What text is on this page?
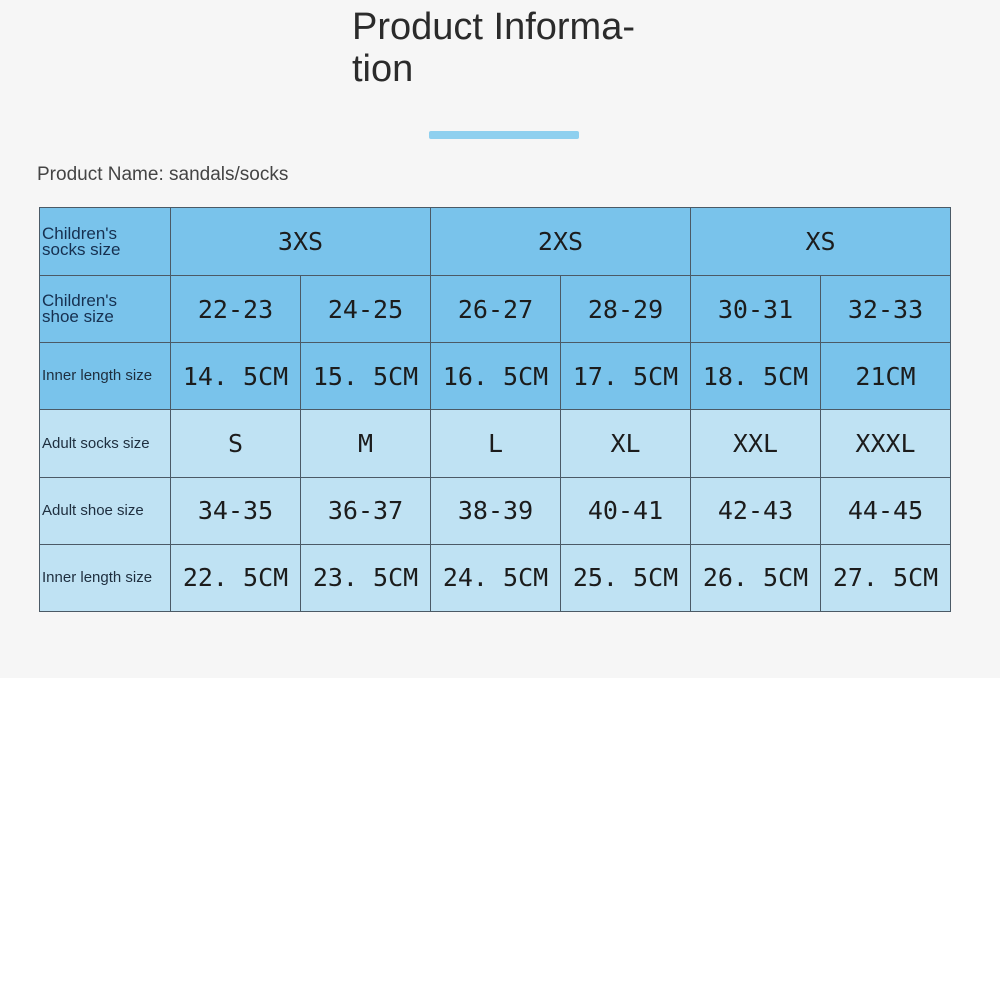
Product Informa-
tion
Product Name: sandals/socks
Children's
socks size	3XS		2XS		XS	

Children's
shoe size	22-23	24-25	26-27	28-29	30-31	32-33
Inner length size	14. 5CM	15. 5CM	16. 5CM	17. 5CM	18. 5CM	21CM
Adult socks size	S	M	L	XL	XXL	XXXL
Adult shoe size	34-35	36-37	38-39	40-41	42-43	44-45
Inner length size	22. 5CM	23. 5CM	24. 5CM	25. 5CM	26. 5CM	27. 5CM
